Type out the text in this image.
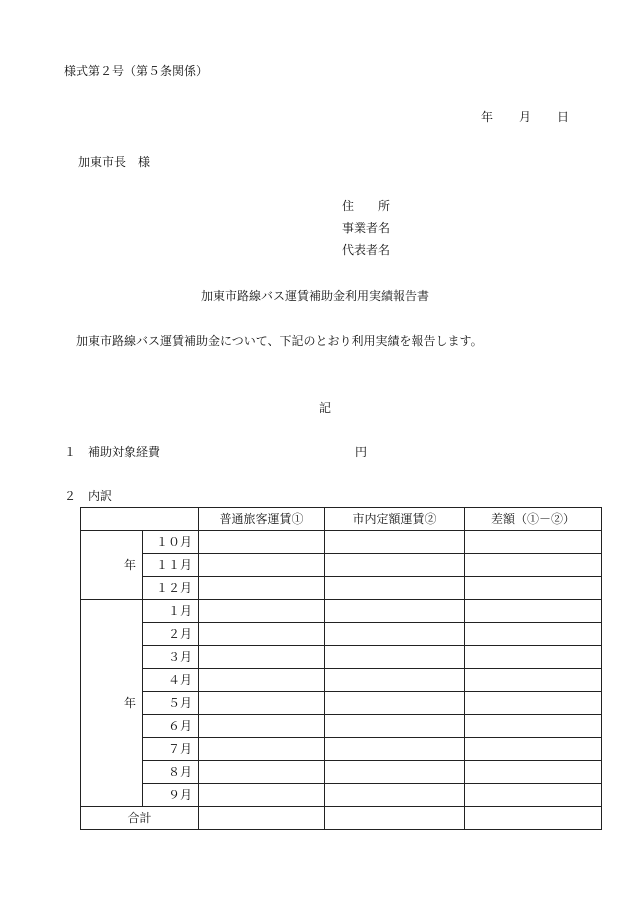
様式第２号（第５条関係）
年 月 日
加東市長　様
住　　所
事業者名
代表者名
加東市路線バス運賃補助金利用実績報告書
加東市路線バス運賃補助金について、下記のとおり利用実績を報告します。
記
１ 補助対象経費	円
２ 内訳
		普通旅客運賃①	市内定額運賃②	差額（①－②）
年	１０月			
	１１月			
	１２月			
年	１月			
	２月			
	３月			
	４月			
	５月			
	６月			
	７月			
	８月			
	９月			
合計				
